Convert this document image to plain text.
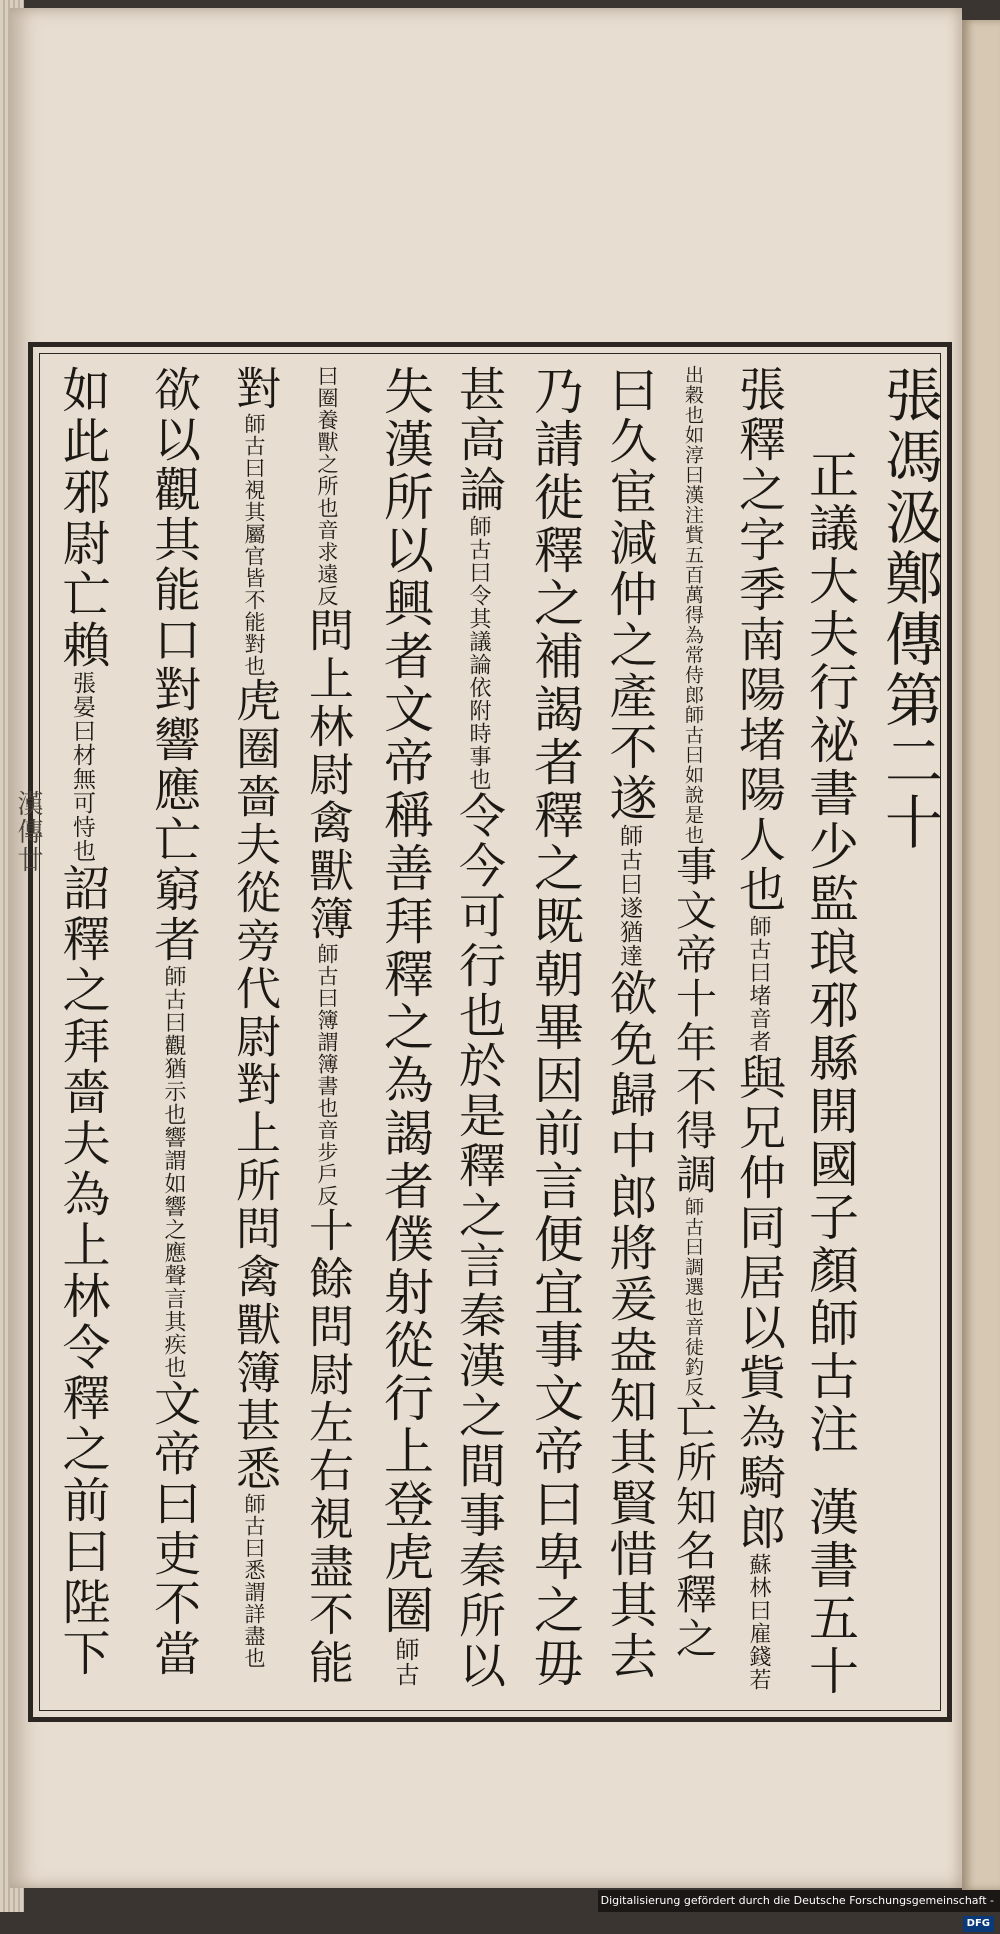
張馮汲鄭傳第二十
正議大夫行祕書少監琅邪縣開國子顏師古注漢書五十
張釋之字季南陽堵陽人也師古曰堵音者與兄仲同居以貲為騎郎蘇林曰雇錢若
出穀也如淳曰漢注貲五百萬得為常侍郎師古曰如說是也事文帝十年不得調師古曰調選也音徒釣反亡所知名釋之
曰久宦減仲之產不遂師古曰遂猶達欲免歸中郎將爰盎知其賢惜其去
乃請徙釋之補謁者釋之既朝畢因前言便宜事文帝曰卑之毋
甚高論師古曰令其議論依附時事也令今可行也於是釋之言秦漢之間事秦所以
失漢所以興者文帝稱善拜釋之為謁者僕射從行上登虎圈師古
曰圈養獸之所也音求遠反問上林尉禽獸簿師古曰簿謂簿書也音步戶反十餘問尉左右視盡不能
對師古曰視其屬官皆不能對也虎圈嗇夫從旁代尉對上所問禽獸簿甚悉師古曰悉謂詳盡也
欲以觀其能口對響應亡窮者師古曰觀猶示也響謂如響之應聲言其疾也文帝曰吏不當
如此邪尉亡賴張晏曰材無可恃也詔釋之拜嗇夫為上林令釋之前曰陛下
漢傳廿
Digitalisierung gefördert durch die Deutsche Forschungsgemeinschaft -DFG
